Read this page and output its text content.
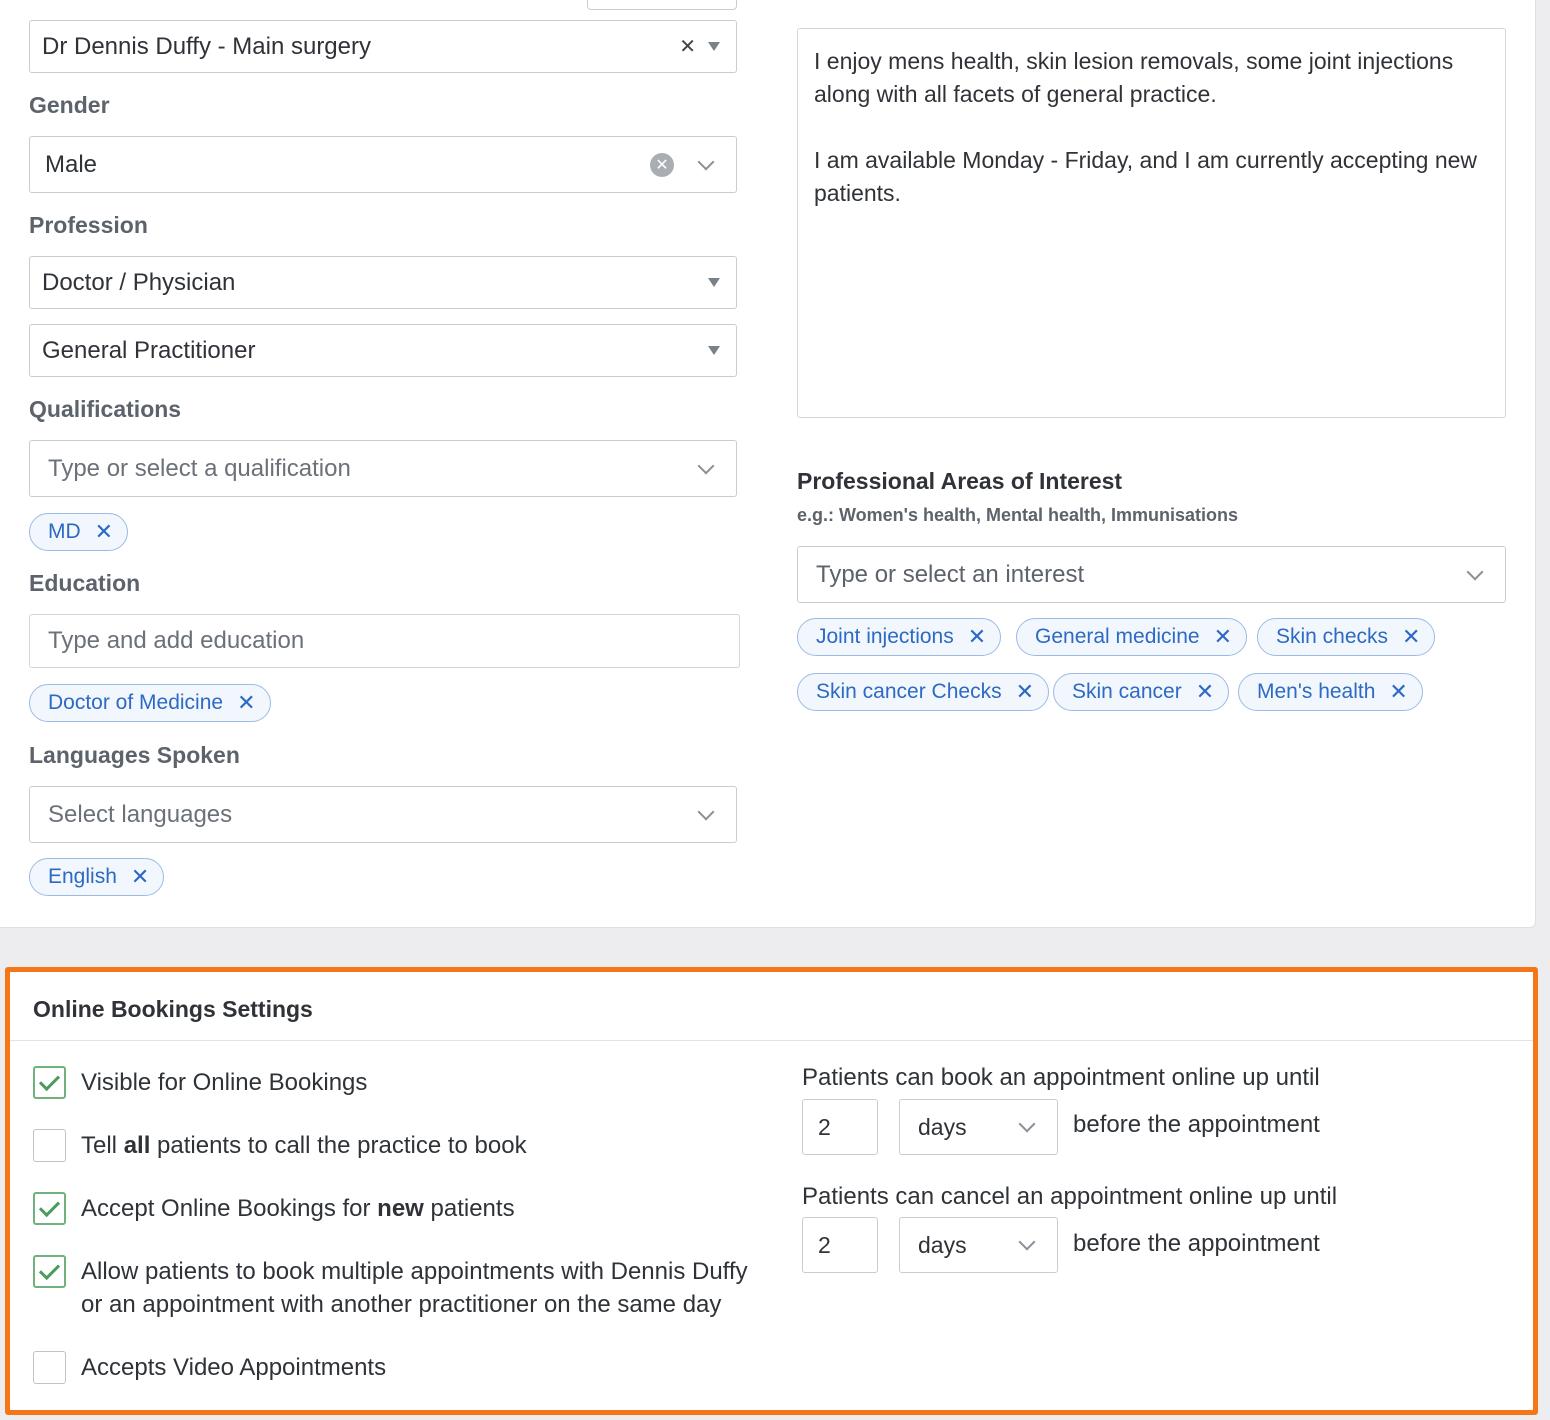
Dr Dennis Duffy - Main surgery	✕
Gender
Male	✕
Profession
Doctor / Physician
General Practitioner
Qualifications
Type or select a qualification
MD ✕
Education
Type and add education
Doctor of Medicine ✕
Languages Spoken
Select languages
English ✕

I enjoy mens health, skin lesion removals, some joint injections along with all facets of general practice.

I am available Monday - Friday, and I am currently accepting new patients.

Professional Areas of Interest
e.g.: Women's health, Mental health, Immunisations
Type or select an interest
Joint injections ✕ General medicine ✕ Skin checks ✕
Skin cancer Checks ✕ Skin cancer ✕ Men's health ✕
Online Bookings Settings
Visible for Online Bookings
Tell all patients to call the practice to book
Accept Online Bookings for new patients
Allow patients to book multiple appointments with Dennis Duffy
or an appointment with another practitioner on the same day
Accepts Video Appointments
Patients can book an appointment online up until
2	days	before the appointment
Patients can cancel an appointment online up until
2	days	before the appointment
